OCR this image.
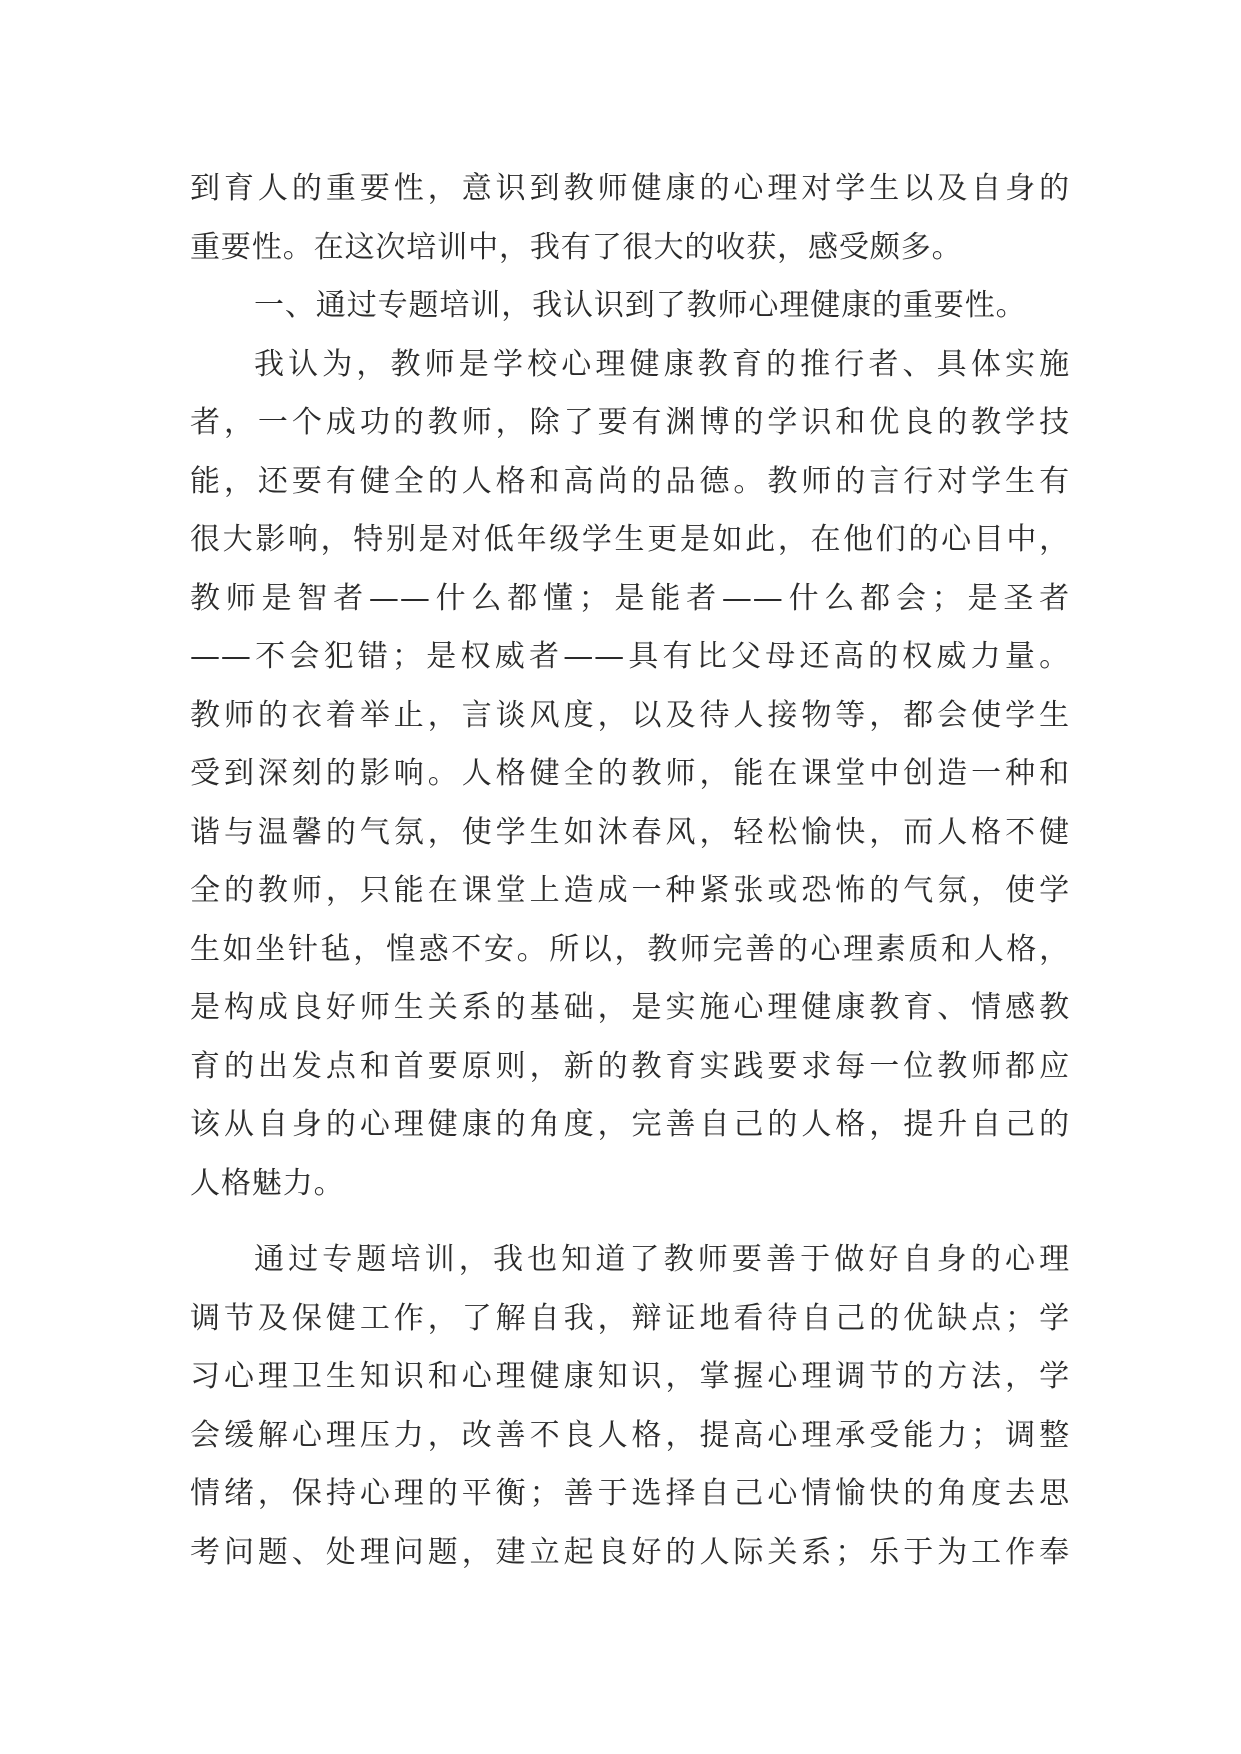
到育人的重要性，意识到教师健康的心理对学生以及自身的
重要性。在这次培训中，我有了很大的收获，感受颇多。
一、通过专题培训，我认识到了教师心理健康的重要性。
我认为，教师是学校心理健康教育的推行者、具体实施
者，一个成功的教师，除了要有渊博的学识和优良的教学技
能，还要有健全的人格和高尚的品德。教师的言行对学生有
很大影响，特别是对低年级学生更是如此，在他们的心目中，
教师是智者——什么都懂；是能者——什么都会；是圣者
——不会犯错；是权威者——具有比父母还高的权威力量。
教师的衣着举止，言谈风度，以及待人接物等，都会使学生
受到深刻的影响。人格健全的教师，能在课堂中创造一种和
谐与温馨的气氛，使学生如沐春风，轻松愉快，而人格不健
全的教师，只能在课堂上造成一种紧张或恐怖的气氛，使学
生如坐针毡，惶惑不安。所以，教师完善的心理素质和人格，
是构成良好师生关系的基础，是实施心理健康教育、情感教
育的出发点和首要原则，新的教育实践要求每一位教师都应
该从自身的心理健康的角度，完善自己的人格，提升自己的
人格魅力。
通过专题培训，我也知道了教师要善于做好自身的心理
调节及保健工作，了解自我，辩证地看待自己的优缺点；学
习心理卫生知识和心理健康知识，掌握心理调节的方法，学
会缓解心理压力，改善不良人格，提高心理承受能力；调整
情绪，保持心理的平衡；善于选择自己心情愉快的角度去思
考问题、处理问题，建立起良好的人际关系；乐于为工作奉
